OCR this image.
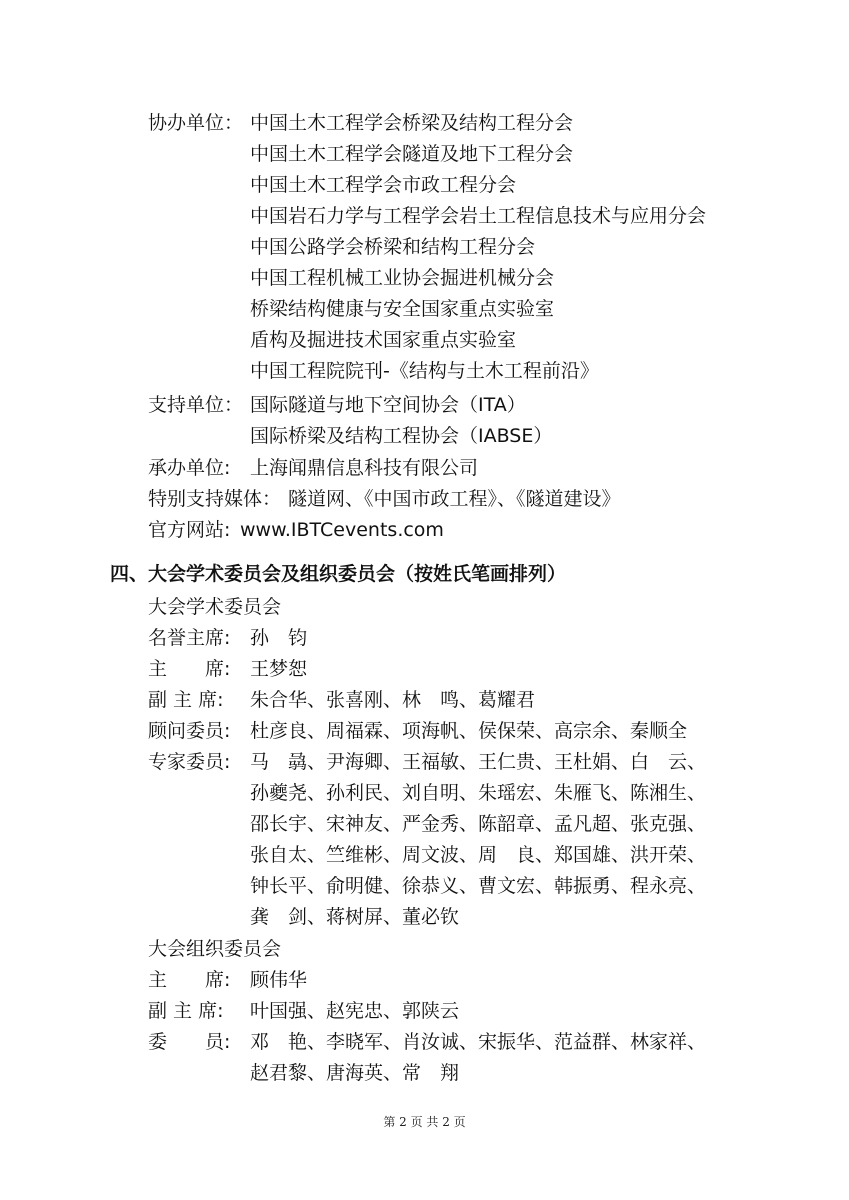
协办单位： 中国土木工程学会桥梁及结构工程分会
中国土木工程学会隧道及地下工程分会
中国土木工程学会市政工程分会
中国岩石力学与工程学会岩土工程信息技术与应用分会
中国公路学会桥梁和结构工程分会
中国工程机械工业协会掘进机械分会
桥梁结构健康与安全国家重点实验室
盾构及掘进技术国家重点实验室
中国工程院院刊-《结构与土木工程前沿》
支持单位： 国际隧道与地下空间协会（ITA）
国际桥梁及结构工程协会（IABSE）
承办单位: 上海闻鼎信息科技有限公司
特别支持媒体： 隧道网、《中国市政工程》、《隧道建设》
官方网站: www.IBTCevents.com
四、大会学术委员会及组织委员会（按姓氏笔画排列）
大会学术委员会
名誉主席: 孙　钧
主　　席: 王梦恕
副 主 席: 朱合华、张喜刚、林　鸣、葛耀君
顾问委员: 杜彦良、周福霖、项海帆、侯保荣、高宗余、秦顺全
专家委员: 马　骉、尹海卿、王福敏、王仁贵、王杜娟、白　云、
孙夔尧、孙利民、刘自明、朱瑶宏、朱雁飞、陈湘生、
邵长宇、宋神友、严金秀、陈韶章、孟凡超、张克强、
张自太、竺维彬、周文波、周　良、郑国雄、洪开荣、
钟长平、俞明健、徐恭义、曹文宏、韩振勇、程永亮、
龚　剑、蒋树屏、董必钦
大会组织委员会
主　　席: 顾伟华
副 主 席: 叶国强、赵宪忠、郭陕云
委　　员: 邓　艳、李晓军、肖汝诚、宋振华、范益群、林家祥、
赵君黎、唐海英、常　翔
第 2 页 共 2 页
